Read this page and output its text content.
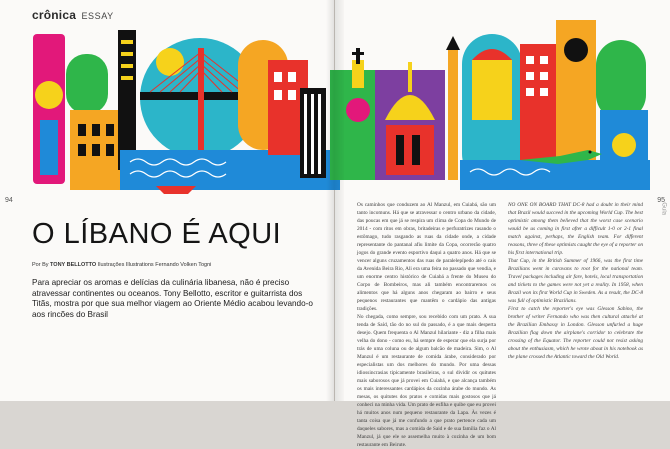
crônica ESSAY
94
O LÍBANO É AQUI
Por By TONY BELLOTTO Ilustrações Illustrations Fernando Volken Togni
Para apreciar os aromas e delícias da culinária libanesa, não é preciso atravessar continentes ou oceanos. Tony Bellotto, escritor e guitarrista dos Titãs, mostra por que sua melhor viagem ao Oriente Médio acabou levando-o aos rincões do Brasil
95
Gula

Os caminhos que conduzem ao Al Manzul, em Cuiabá, são um tanto incomuns. Há que se atravessar o centro urbano da cidade, das poucas em que já se respira um clima de Copa do Mundo de 2014 - com ritos em obras, britadeiras e perfuratrizes rasando o estômago, tudo rasgando as ruas da cidade onde, a cidade representante do pantanal afiu limite da Copa, ocorrerão quatro jogos do grande evento esportivo daqui a quatro anos. Há que se vencer alguns cruzamentos das ruas de paralelepípedo até o cais da Avenida Beira Rio, Ali era uma feira no passado que vendia, e um enorme centro histórico de Cuiabá a frente do Museu do Corpo de Bombeiros, mas ali também encontraremos os alimentos que há alguns anos chegaram ao bairro e seus pequenos restaurantes que mantêm o cardápio das antigas tradições.

No chegada, como sempre, sou recebido com um prato. A sua tenda de Saíd, tão do no sul do passado, é a que mais desperta desejo. Quem frequenta o Al Manzul hilariante - diz a filha mais velha do dono - como eu, há sempre de esperar que ela surja por trás de uma coluna ou de algum balcão de madeira. Sim, o Al Manzul é um restaurante de comida árabe, considerado por especialistas um dos melhores do mundo. Por uma dessas idiossincrasias tipicamente brasileiras, o sul dividir os quitutes mais saborosos que já provei em Cuiabá, e que alcança também os mais interessantes cardápios da cozinha árabe do mundo. As mesas, os quitutes dos pratos e comidas mais gostosos que já conheci na minha vida. Um prato de esfiha e quibe que eu provei há muitos anos num pequeno restaurante da Lapa. Às vezes é tanta coisa que já me confundo a que prato pertence cada um daqueles sabores, mas a comida de Said e de sua família faz o Al Manzul, já que ele se assemelha muito à cozinha de um bom restaurante em Beirute.

NO ONE ON BOARD THAT DC-8 had a doubt in their mind that Brazil would succeed in the upcoming World Cup. The best optimistic among them believed that the worst case scenario would be us coming in first after a difficult 1-0 or 2-1 final match against, perhaps, the English team. For different reasons, three of these optimists caught the eye of a reporter on his first international trip.

That Cup, in the British Summer of 1966, was the first time Brazilians went in caravans to root for the national team. Travel packages including air fare, hotels, local transportation and tickets to the games were not yet a reality. In 1958, when Brazil won its first World Cup in Sweden. As a result, the DC-8 was full of optimistic Brazilians.

First to catch the reporter's eye was Glesson Sabino, the brother of writer Fernando who was then cultural attaché at the Brazilian Embassy in London. Glesson unfurled a huge Brazilian flag down the airplane's corridor to celebrate the crossing of the Equator. The reporter could not resist asking about the enthusiasm, which he wrote about in his notebook as the plane crossed the Atlantic toward the Old World.
